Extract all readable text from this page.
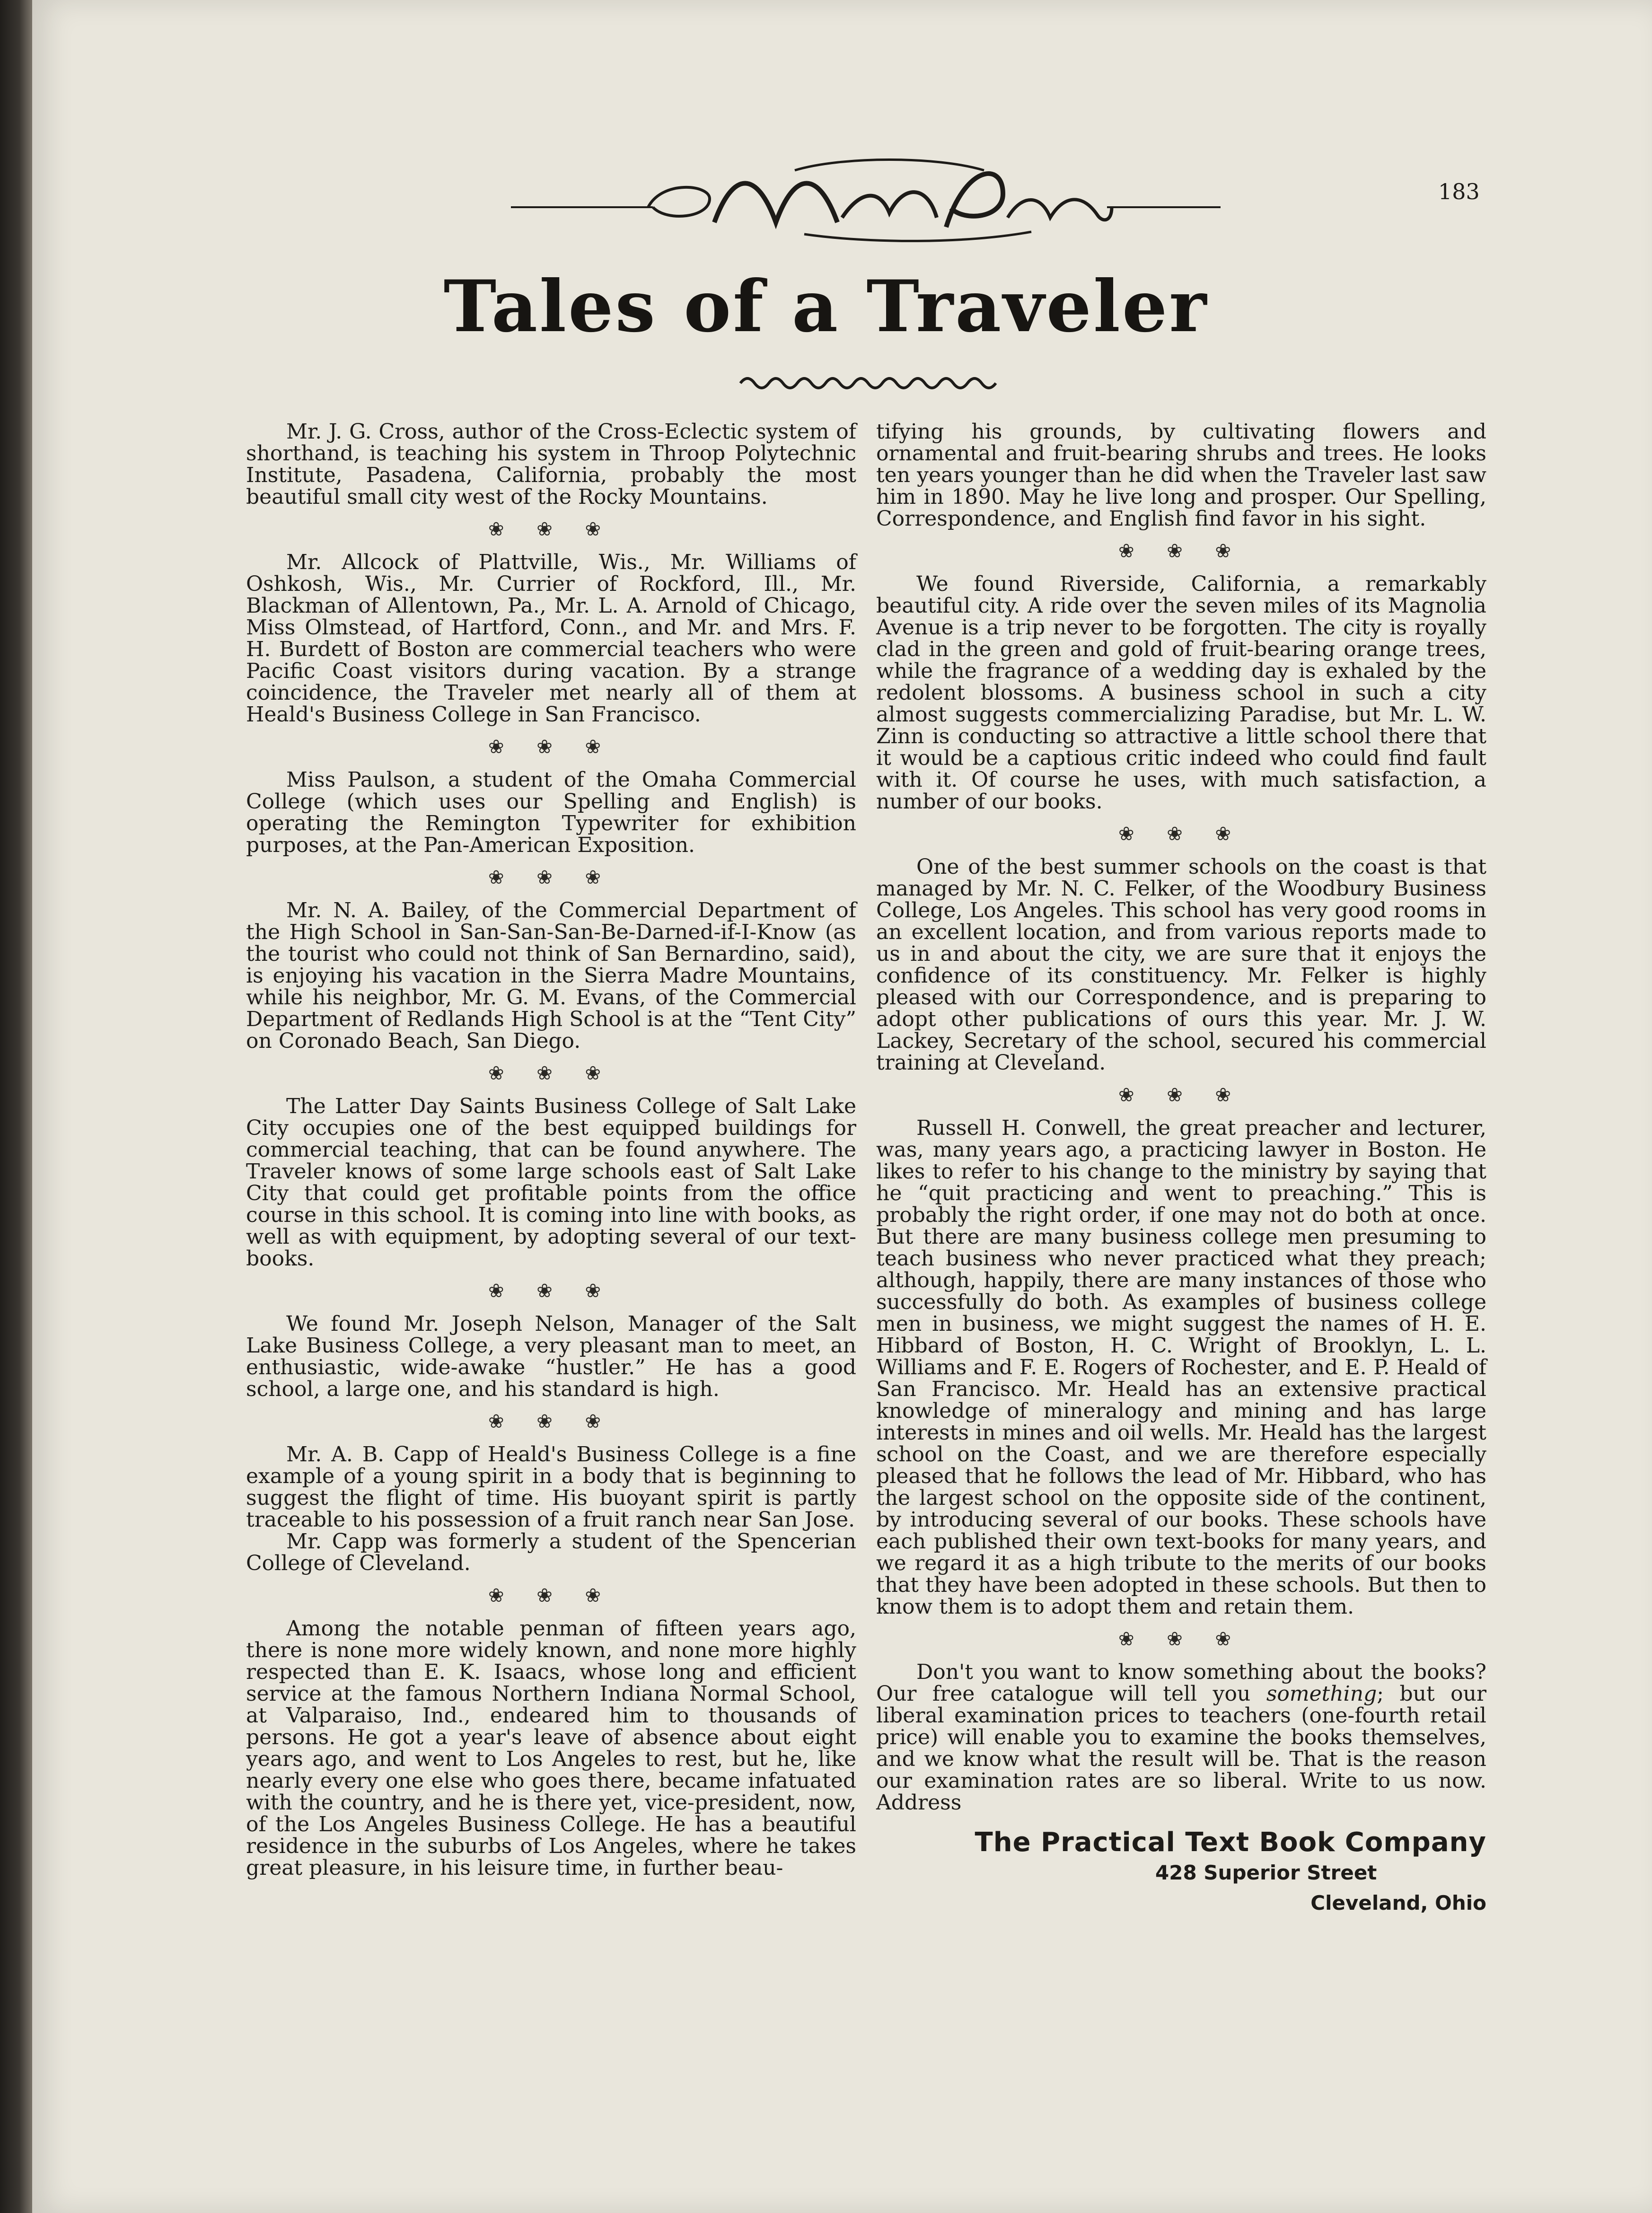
The Western Penman
183
Tales of a Traveler

Mr. J. G. Cross, author of the Cross-Eclectic system of shorthand, is teaching his system in Throop Polytechnic Institute, Pasadena, California, probably the most beautiful small city west of the Rocky Mountains.

❀ ❀ ❀

Mr. Allcock of Plattville, Wis., Mr. Williams of Oshkosh, Wis., Mr. Currier of Rockford, Ill., Mr. Blackman of Allentown, Pa., Mr. L. A. Arnold of Chicago, Miss Olmstead, of Hartford, Conn., and Mr. and Mrs. F. H. Burdett of Boston are commercial teachers who were Pacific Coast visitors during vacation. By a strange coincidence, the Traveler met nearly all of them at Heald's Business College in San Francisco.

❀ ❀ ❀

Miss Paulson, a student of the Omaha Commercial College (which uses our Spelling and English) is operating the Remington Typewriter for exhibition purposes, at the Pan-American Exposition.

❀ ❀ ❀

Mr. N. A. Bailey, of the Commercial Department of the High School in San-San-San-Be-Darned-if-I-Know (as the tourist who could not think of San Bernardino, said), is enjoying his vacation in the Sierra Madre Mountains, while his neighbor, Mr. G. M. Evans, of the Commercial Department of Redlands High School is at the “Tent City” on Coronado Beach, San Diego.

❀ ❀ ❀

The Latter Day Saints Business College of Salt Lake City occupies one of the best equipped buildings for commercial teaching, that can be found anywhere. The Traveler knows of some large schools east of Salt Lake City that could get profitable points from the office course in this school. It is coming into line with books, as well as with equipment, by adopting several of our text-books.

❀ ❀ ❀

We found Mr. Joseph Nelson, Manager of the Salt Lake Business College, a very pleasant man to meet, an enthusiastic, wide-awake “hustler.” He has a good school, a large one, and his standard is high.

❀ ❀ ❀

Mr. A. B. Capp of Heald's Business College is a fine example of a young spirit in a body that is beginning to suggest the flight of time. His buoyant spirit is partly traceable to his possession of a fruit ranch near San Jose.

Mr. Capp was formerly a student of the Spencerian College of Cleveland.

❀ ❀ ❀

Among the notable penman of fifteen years ago, there is none more widely known, and none more highly respected than E. K. Isaacs, whose long and efficient service at the famous Northern Indiana Normal School, at Valparaiso, Ind., endeared him to thousands of persons. He got a year's leave of absence about eight years ago, and went to Los Angeles to rest, but he, like nearly every one else who goes there, became infatuated with the country, and he is there yet, vice-president, now, of the Los Angeles Business College. He has a beautiful residence in the suburbs of Los Angeles, where he takes great pleasure, in his leisure time, in further beau-

tifying his grounds, by cultivating flowers and ornamental and fruit-bearing shrubs and trees. He looks ten years younger than he did when the Traveler last saw him in 1890. May he live long and prosper. Our Spelling, Correspondence, and English find favor in his sight.

❀ ❀ ❀

We found Riverside, California, a remarkably beautiful city. A ride over the seven miles of its Magnolia Avenue is a trip never to be forgotten. The city is royally clad in the green and gold of fruit-bearing orange trees, while the fragrance of a wedding day is exhaled by the redolent blossoms. A business school in such a city almost suggests commercializing Paradise, but Mr. L. W. Zinn is conducting so attractive a little school there that it would be a captious critic indeed who could find fault with it. Of course he uses, with much satisfaction, a number of our books.

❀ ❀ ❀

One of the best summer schools on the coast is that managed by Mr. N. C. Felker, of the Woodbury Business College, Los Angeles. This school has very good rooms in an excellent location, and from various reports made to us in and about the city, we are sure that it enjoys the confidence of its constituency. Mr. Felker is highly pleased with our Correspondence, and is preparing to adopt other publications of ours this year. Mr. J. W. Lackey, Secretary of the school, secured his commercial training at Cleveland.

❀ ❀ ❀

Russell H. Conwell, the great preacher and lecturer, was, many years ago, a practicing lawyer in Boston. He likes to refer to his change to the ministry by saying that he “quit practicing and went to preaching.” This is probably the right order, if one may not do both at once. But there are many business college men presuming to teach business who never practiced what they preach; although, happily, there are many instances of those who successfully do both. As examples of business college men in business, we might suggest the names of H. E. Hibbard of Boston, H. C. Wright of Brooklyn, L. L. Williams and F. E. Rogers of Rochester, and E. P. Heald of San Francisco. Mr. Heald has an extensive practical knowledge of mineralogy and mining and has large interests in mines and oil wells. Mr. Heald has the largest school on the Coast, and we are therefore especially pleased that he follows the lead of Mr. Hibbard, who has the largest school on the opposite side of the continent, by introducing several of our books. These schools have each published their own text-books for many years, and we regard it as a high tribute to the merits of our books that they have been adopted in these schools. But then to know them is to adopt them and retain them.

❀ ❀ ❀

Don't you want to know something about the books? Our free catalogue will tell you something; but our liberal examination prices to teachers (one-fourth retail price) will enable you to examine the books themselves, and we know what the result will be. That is the reason our examination rates are so liberal. Write to us now. Address

The Practical Text Book Company
428 Superior Street
Cleveland, Ohio
